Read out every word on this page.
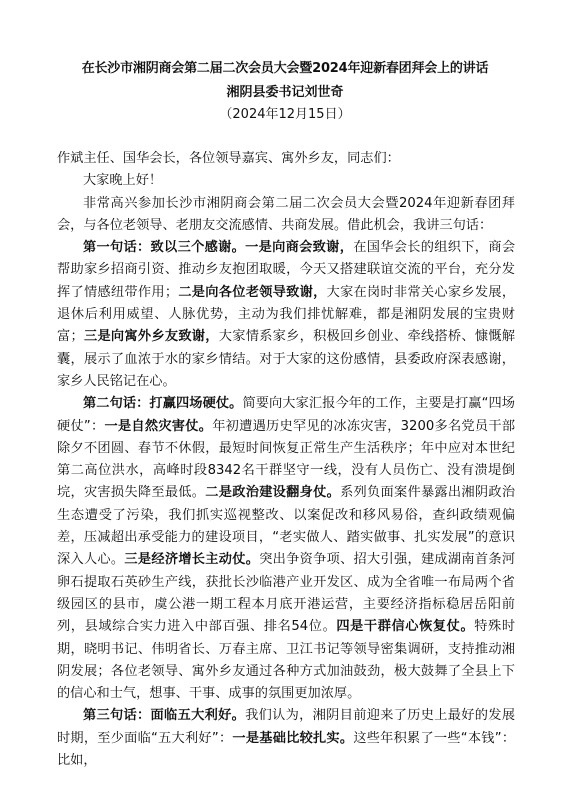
在长沙市湘阴商会第二届二次会员大会暨2024年迎新春团拜会上的讲话
湘阴县委书记刘世奇
（2024年12月15日）

作斌主任、国华会长，各位领导嘉宾、寓外乡友，同志们：

大家晚上好！

非常高兴参加长沙市湘阴商会第二届二次会员大会暨2024年迎新春团拜会，与各位老领导、老朋友交流感情、共商发展。借此机会，我讲三句话：

第一句话：致以三个感谢。一是向商会致谢，在国华会长的组织下，商会帮助家乡招商引资、推动乡友抱团取暖，今天又搭建联谊交流的平台，充分发挥了情感纽带作用；二是向各位老领导致谢，大家在岗时非常关心家乡发展，退休后利用威望、人脉优势，主动为我们排忧解难，都是湘阴发展的宝贵财富；三是向寓外乡友致谢，大家情系家乡，积极回乡创业、牵线搭桥、慷慨解囊，展示了血浓于水的家乡情结。对于大家的这份感情，县委政府深表感谢，家乡人民铭记在心。

第二句话：打赢四场硬仗。简要向大家汇报今年的工作，主要是打赢“四场硬仗”：一是自然灾害仗。年初遭遇历史罕见的冰冻灾害，3200多名党员干部除夕不团圆、春节不休假，最短时间恢复正常生产生活秩序；年中应对本世纪第二高位洪水，高峰时段8342名干群坚守一线，没有人员伤亡、没有溃堤倒垸，灾害损失降至最低。二是政治建设翻身仗。系列负面案件暴露出湘阴政治生态遭受了污染，我们抓实巡视整改、以案促改和移风易俗，查纠政绩观偏差，压减超出承受能力的建设项目，“老实做人、踏实做事、扎实发展”的意识深入人心。三是经济增长主动仗。突出争资争项、招大引强，建成湖南首条河卵石提取石英砂生产线，获批长沙临港产业开发区、成为全省唯一布局两个省级园区的县市，虞公港一期工程本月底开港运营，主要经济指标稳居岳阳前列，县域综合实力进入中部百强、排名54位。四是干群信心恢复仗。特殊时期，晓明书记、伟明省长、万春主席、卫江书记等领导密集调研，支持推动湘阴发展；各位老领导、寓外乡友通过各种方式加油鼓劲，极大鼓舞了全县上下的信心和士气，想事、干事、成事的氛围更加浓厚。

第三句话：面临五大利好。我们认为，湘阴目前迎来了历史上最好的发展时期，至少面临“五大利好”：一是基础比较扎实。这些年积累了一些“本钱”：比如，
